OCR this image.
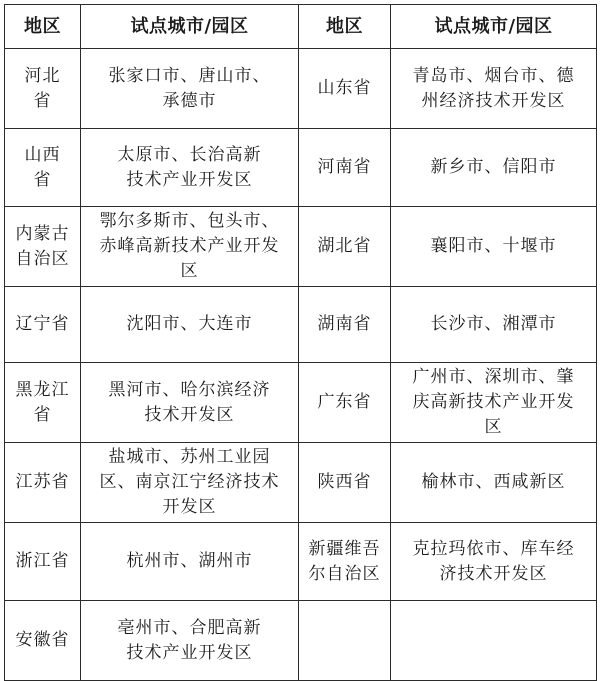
地区	试点城市/园区	地区	试点城市/园区
河北省	张家口市、唐山市、承德市	山东省	青岛市、烟台市、德州经济技术开发区
山西省	太原市、长治高新技术产业开发区	河南省	新乡市、信阳市
内蒙古自治区	鄂尔多斯市、包头市、赤峰高新技术产业开发区	湖北省	襄阳市、十堰市
辽宁省	沈阳市、大连市	湖南省	长沙市、湘潭市
黑龙江省	黑河市、哈尔滨经济技术开发区	广东省	广州市、深圳市、肇庆高新技术产业开发区
江苏省	盐城市、苏州工业园区、南京江宁经济技术开发区	陕西省	榆林市、西咸新区
浙江省	杭州市、湖州市	新疆维吾尔自治区	克拉玛依市、库车经济技术开发区
安徽省	亳州市、合肥高新技术产业开发区		
